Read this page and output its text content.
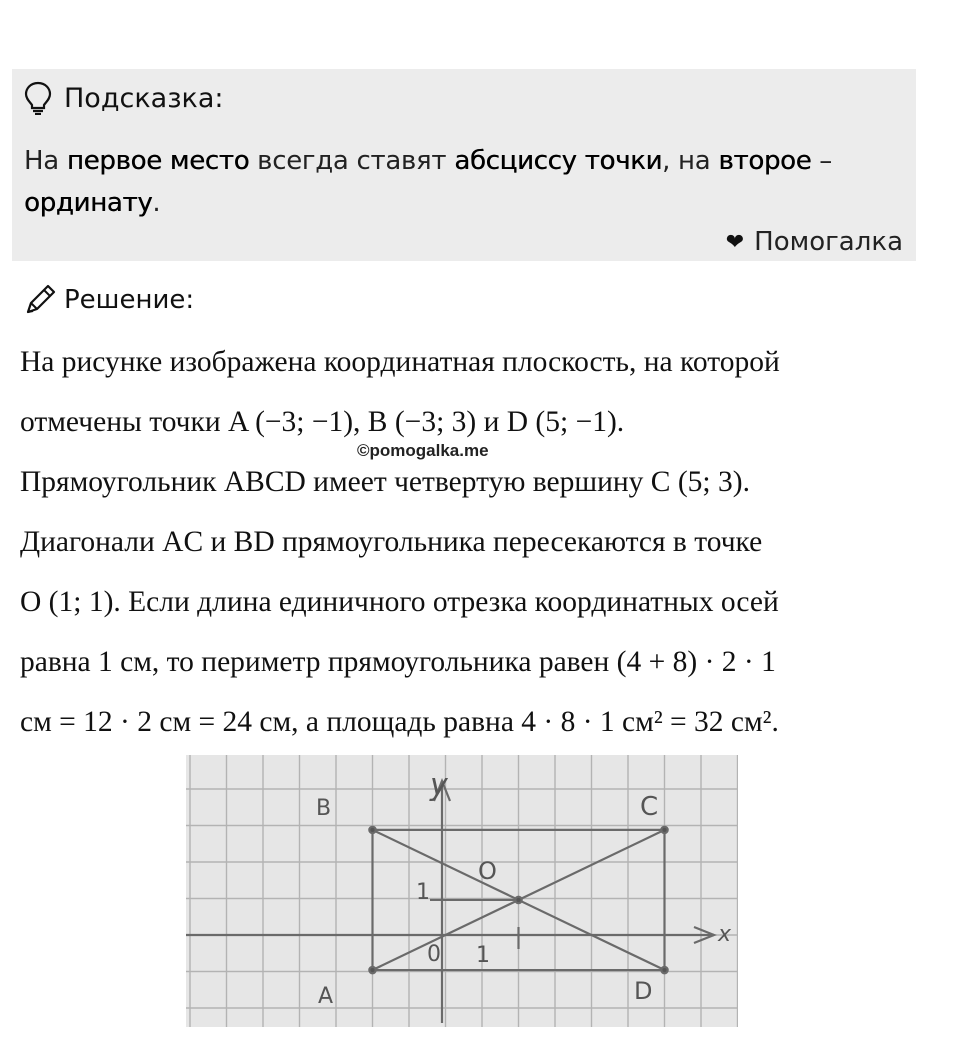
Подсказка:
На первое место всегда ставят абсциссу точки, на второе –
ординату.
❤ Помогалка
Решение:
На рисунке изображена координатная плоскость, на которой
отмечены точки A (−3; −1), B (−3; 3) и D (5; −1).
Прямоугольник ABCD имеет четвертую вершину C (5; 3).
Диагонали AC и BD прямоугольника пересекаются в точке
O (1; 1). Если длина единичного отрезка координатных осей
равна 1 см, то периметр прямоугольника равен (4 + 8) · 2 · 1
см = 12 · 2 см = 24 см, а площадь равна 4 · 8 · 1 см² = 32 см².
©pomogalka.me
y
x
0 1
1
B	C
A	D
O
